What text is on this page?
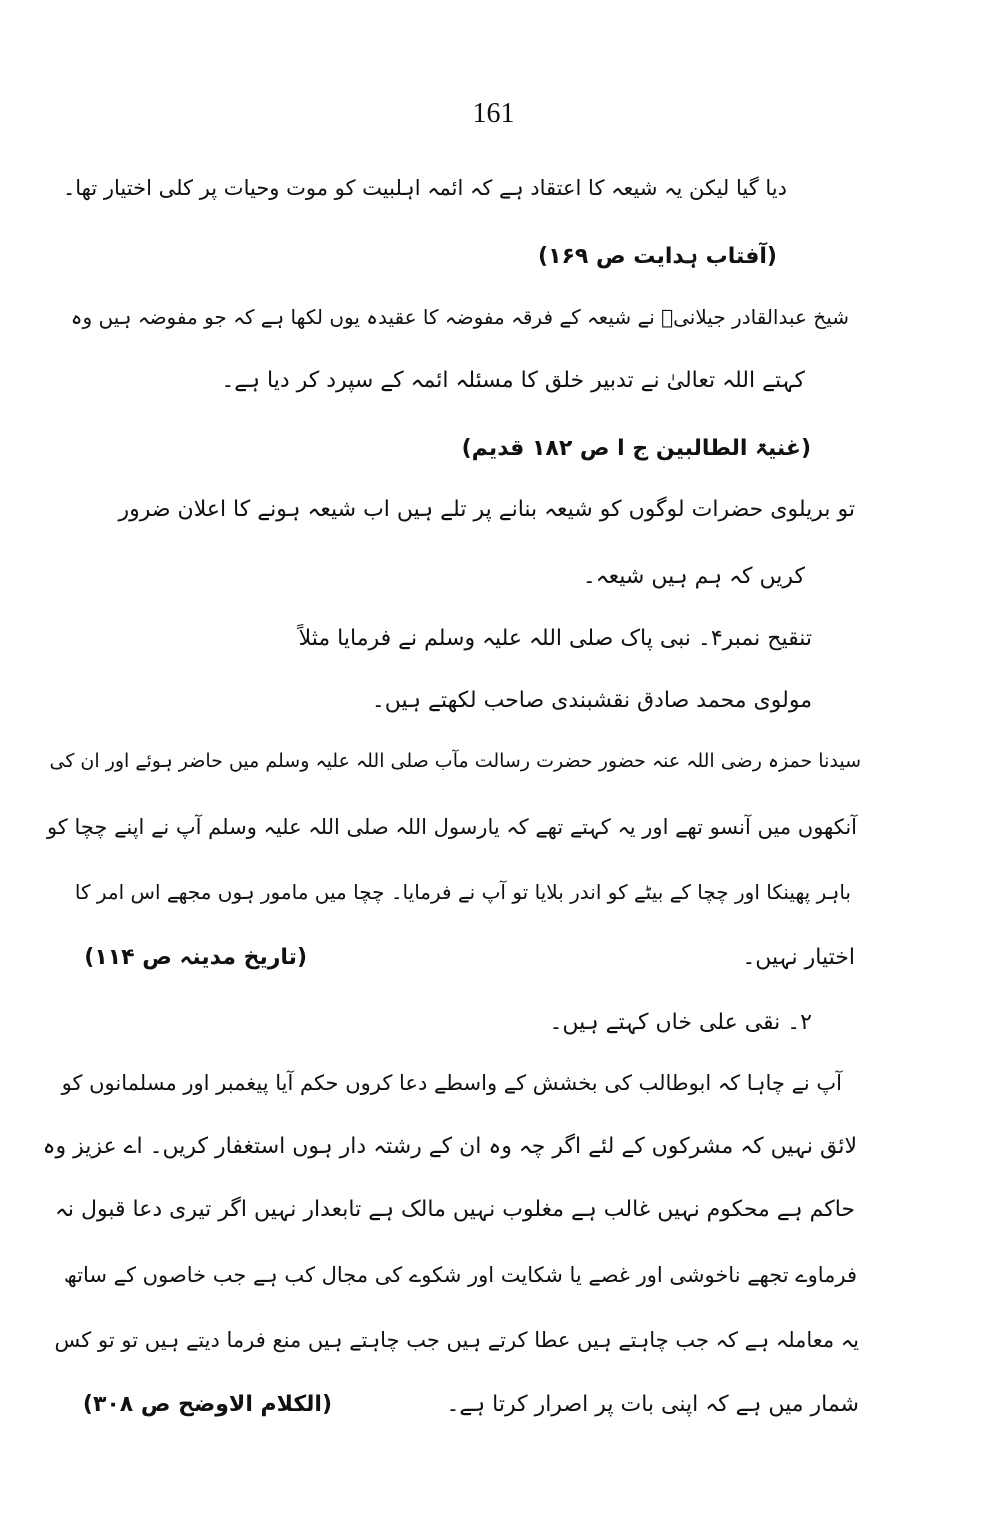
161
دیا گیا لیکن یہ شیعہ کا اعتقاد ہے کہ ائمہ اہلبیت کو موت وحیات پر کلی اختیار تھا۔
(آفتاب ہدایت ص ۱۶۹)
شیخ عبدالقادر جیلانیؒ نے شیعہ کے فرقہ مفوضہ کا عقیدہ یوں لکھا ہے کہ جو مفوضہ ہیں وہ
کہتے اللہ تعالیٰ نے تدبیر خلق کا مسئلہ ائمہ کے سپرد کر دیا ہے۔
(غنیۃ الطالبین ج ا ص ۱۸۲ قدیم)
تو بریلوی حضرات لوگوں کو شیعہ بنانے پر تلے ہیں اب شیعہ ہونے کا اعلان ضرور
کریں کہ ہم ہیں شیعہ۔
تنقیح نمبر۴۔ نبی پاک صلی اللہ علیہ وسلم نے فرمایا مثلاً
مولوی محمد صادق نقشبندی صاحب لکھتے ہیں۔
سیدنا حمزہ رضی اللہ عنہ حضور حضرت رسالت مآب صلی اللہ علیہ وسلم میں حاضر ہوئے اور ان کی
آنکھوں میں آنسو تھے اور یہ کہتے تھے کہ یارسول اللہ صلی اللہ علیہ وسلم آپ نے اپنے چچا کو
باہر پھینکا اور چچا کے بیٹے کو اندر بلایا تو آپ نے فرمایا۔ چچا میں مامور ہوں مجھے اس امر کا
اختیار نہیں۔
(تاریخ مدینہ ص ۱۱۴)
۲۔ نقی علی خاں کہتے ہیں۔
آپ نے چاہا کہ ابوطالب کی بخشش کے واسطے دعا کروں حکم آیا پیغمبر اور مسلمانوں کو
لائق نہیں کہ مشرکوں کے لئے اگر چہ وہ ان کے رشتہ دار ہوں استغفار کریں۔ اے عزیز وہ
حاکم ہے محکوم نہیں غالب ہے مغلوب نہیں مالک ہے تابعدار نہیں اگر تیری دعا قبول نہ
فرماوے تجھے ناخوشی اور غصے یا شکایت اور شکوے کی مجال کب ہے جب خاصوں کے ساتھ
یہ معاملہ ہے کہ جب چاہتے ہیں عطا کرتے ہیں جب چاہتے ہیں منع فرما دیتے ہیں تو تو کس
شمار میں ہے کہ اپنی بات پر اصرار کرتا ہے۔
(الکلام الاوضح ص ۳۰۸)
